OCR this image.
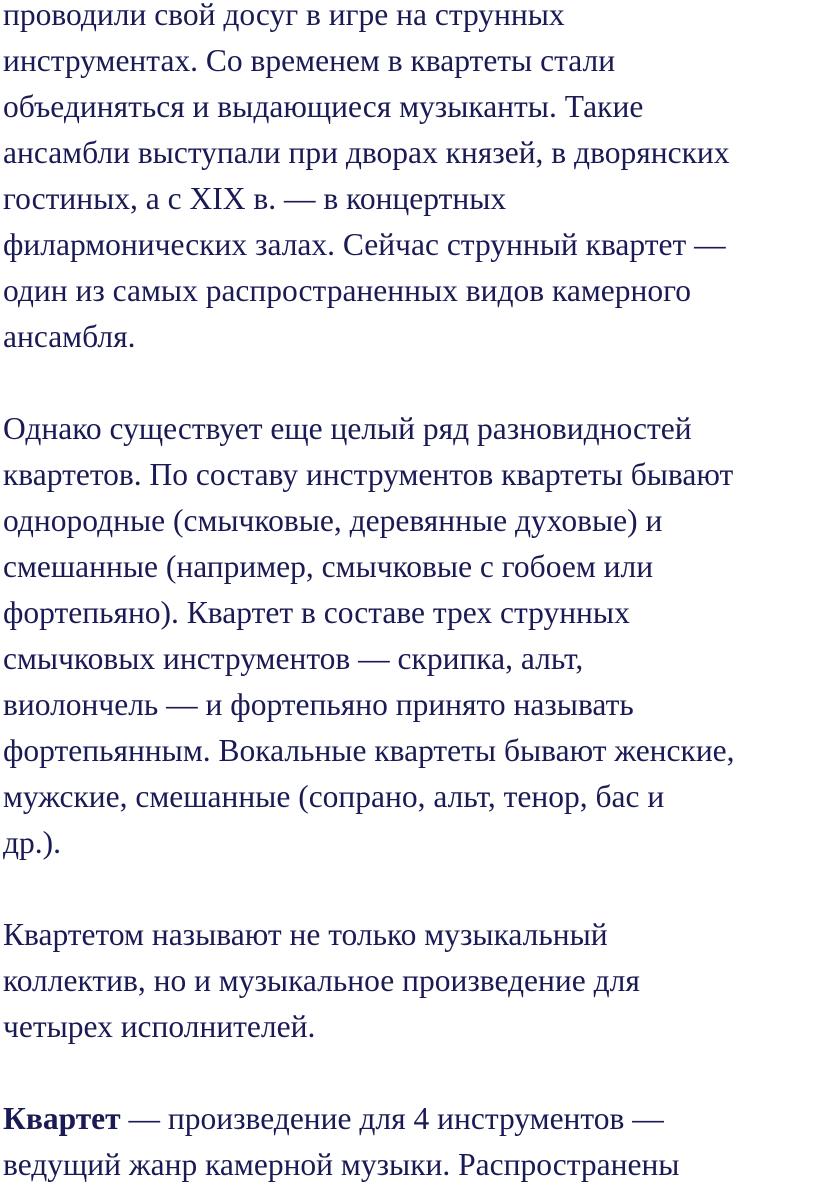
проводили свой досуг в игре на струнных
инструментах. Со временем в квартеты стали
объединяться и выдающиеся музыканты. Такие
ансамбли выступали при дворах князей, в дворянских
гостиных, а с XIX в. — в концертных
филармонических залах. Сейчас струнный квартет —
один из самых распространенных видов камерного
ансамбля.
Однако существует еще целый ряд разновидностей
квартетов. По составу инструментов квартеты бывают
однородные (смычковые, деревянные духовые) и
смешанные (например, смычковые с гобоем или
фортепьяно). Квартет в составе трех струнных
смычковых инструментов — скрипка, альт,
виолончель — и фортепьяно принято называть
фортепьянным. Вокальные квартеты бывают женские,
мужские, смешанные (сопрано, альт, тенор, бас и
др.).
Квартетом называют не только музыкальный
коллектив, но и музыкальное произведение для
четырех исполнителей.
Квартет — произведение для 4 инструментов —
ведущий жанр камерной музыки. Распространены
